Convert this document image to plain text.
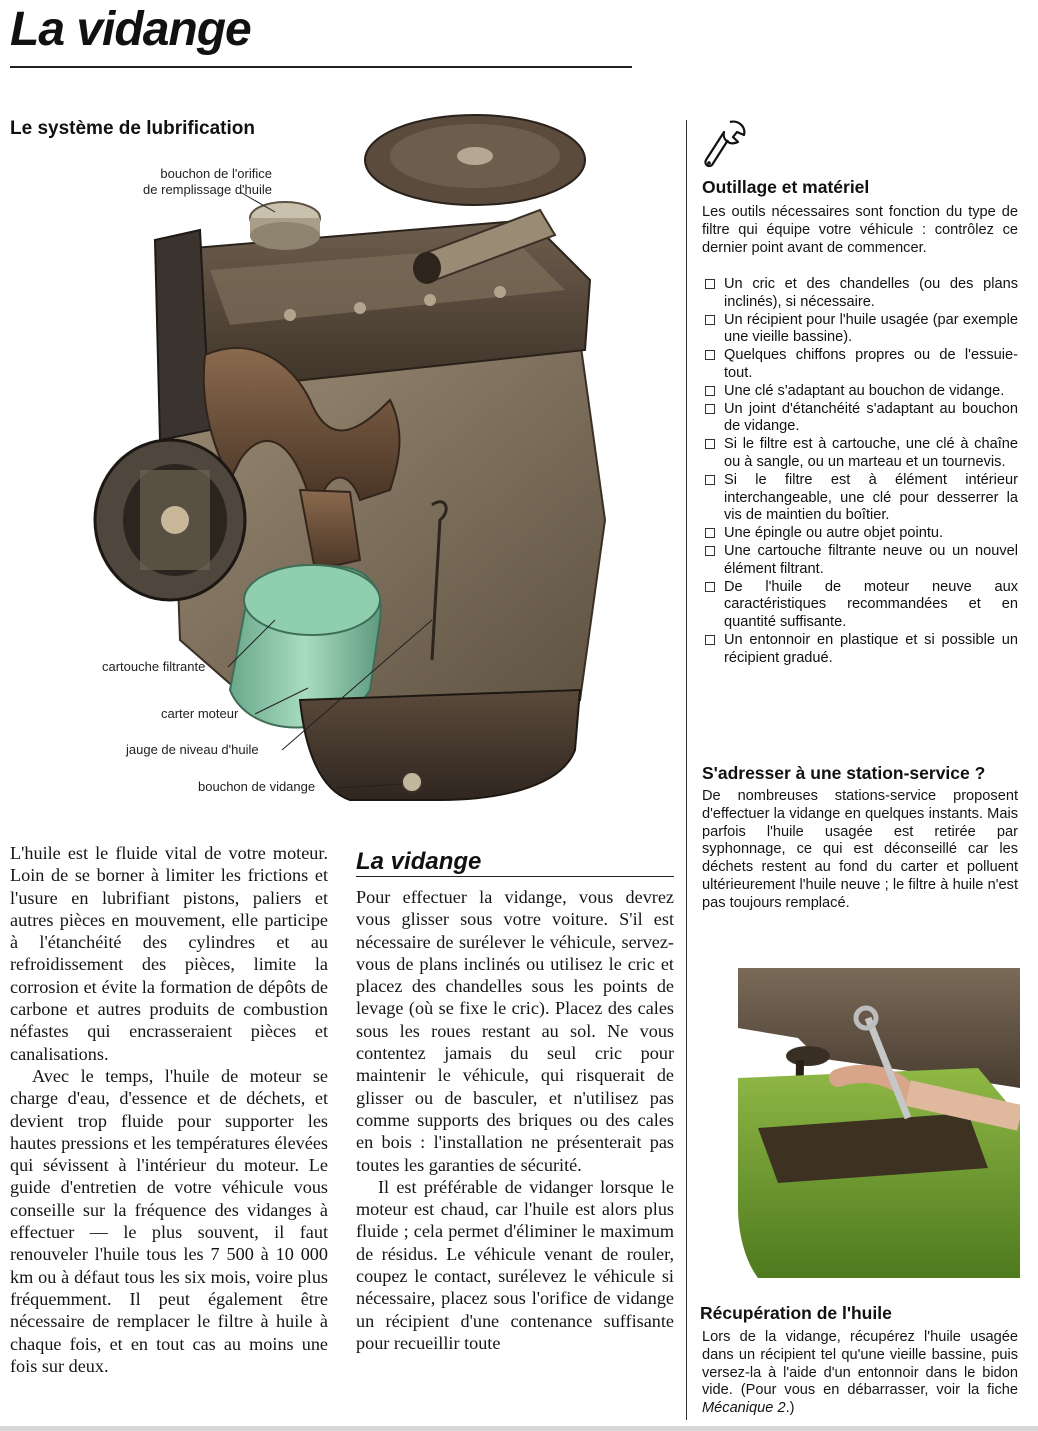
La vidange
Le système de lubrification
bouchon de l'orifice
de remplissage d'huile
cartouche filtrante
carter moteur
jauge de niveau d'huile
bouchon de vidange

L'huile est le fluide vital de votre moteur. Loin de se borner à limiter les frictions et l'usure en lubrifiant pistons, paliers et autres pièces en mouvement, elle participe à l'étanchéité des cylindres et au refroidissement des pièces, limite la corrosion et évite la formation de dépôts de carbone et autres produits de combustion néfastes qui encrasseraient pièces et canalisations.

Avec le temps, l'huile de moteur se charge d'eau, d'essence et de déchets, et devient trop fluide pour supporter les hautes pressions et les températures élevées qui sévissent à l'intérieur du moteur. Le guide d'entretien de votre véhicule vous conseille sur la fréquence des vidanges à effectuer — le plus souvent, il faut renouveler l'huile tous les 7 500 à 10 000 km ou à défaut tous les six mois, voire plus fréquemment. Il peut également être nécessaire de remplacer le filtre à huile à chaque fois, et en tout cas au moins une fois sur deux.

La vidange

Pour effectuer la vidange, vous devrez vous glisser sous votre voiture. S'il est nécessaire de surélever le véhicule, servez-vous de plans inclinés ou utilisez le cric et placez des chandelles sous les points de levage (où se fixe le cric). Placez des cales sous les roues restant au sol. Ne vous contentez jamais du seul cric pour maintenir le véhicule, qui risquerait de glisser ou de basculer, et n'utilisez pas comme supports des briques ou des cales en bois : l'installation ne présenterait pas toutes les garanties de sécurité.

Il est préférable de vidanger lorsque le moteur est chaud, car l'huile est alors plus fluide ; cela permet d'éliminer le maximum de résidus. Le véhicule venant de rouler, coupez le contact, surélevez le véhicule si nécessaire, placez sous l'orifice de vidange un récipient d'une contenance suffisante pour recueillir toute

Outillage et matériel
Les outils nécessaires sont fonction du type de filtre qui équipe votre véhicule : contrôlez ce dernier point avant de commencer.
Un cric et des chandelles (ou des plans inclinés), si nécessaire.
Un récipient pour l'huile usagée (par exemple une vieille bassine).
Quelques chiffons propres ou de l'essuie-tout.
Une clé s'adaptant au bouchon de vidange.
Un joint d'étanchéité s'adaptant au bouchon de vidange.
Si le filtre est à cartouche, une clé à chaîne ou à sangle, ou un marteau et un tournevis.
Si le filtre est à élément intérieur interchangeable, une clé pour desserrer la vis de maintien du boîtier.
Une épingle ou autre objet pointu.
Une cartouche filtrante neuve ou un nouvel élément filtrant.
De l'huile de moteur neuve aux caractéristiques recommandées et en quantité suffisante.
Un entonnoir en plastique et si possible un récipient gradué.
S'adresser à une station-service ?
De nombreuses stations-service proposent d'effectuer la vidange en quelques instants. Mais parfois l'huile usagée est retirée par syphonnage, ce qui est déconseillé car les déchets restent au fond du carter et polluent ultérieurement l'huile neuve ; le filtre à huile n'est pas toujours remplacé.
Récupération de l'huile
Lors de la vidange, récupérez l'huile usagée dans un récipient tel qu'une vieille bassine, puis versez-la à l'aide d'un entonnoir dans le bidon vide. (Pour vous en débarrasser, voir la fiche Mécanique 2.)
